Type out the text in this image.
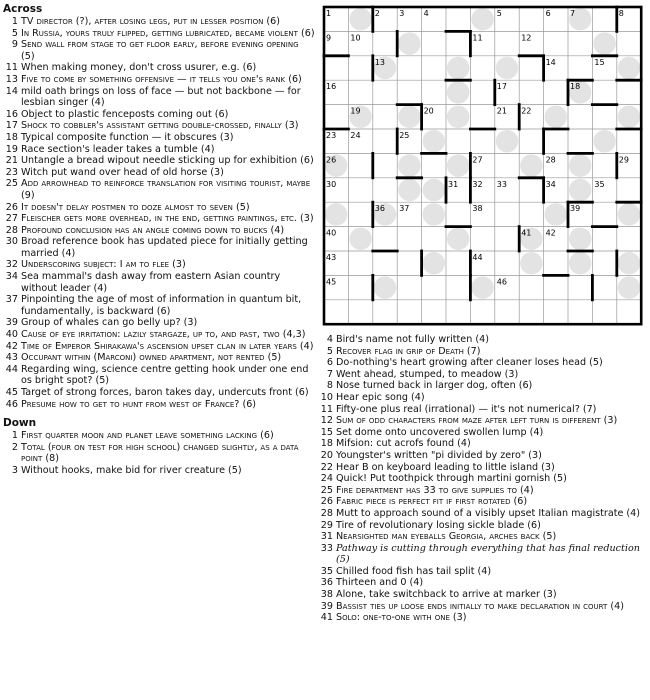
Across
1 TV director (?), after losing legs, put in lesser position (6)
5 In Russia, yours truly flipped, getting lubricated, became violent (6)
9 Send wall from stage to get floor early, before evening opening (5)
11 When making money, don't cross usurer, e.g. (6)
13 Five to come by something offensive — it tells you one's rank (6)
14 mild oath brings on loss of face — but not backbone — for lesbian singer (4)
16 Object to plastic fenceposts coming out (6)
17 Shock to cobbler's assistant getting double-crossed, finally (3)
18 Typical composite function — it obscures (3)
19 Race section's leader takes a tumble (4)
21 Untangle a bread wipout needle sticking up for exhibition (6)
23 Witch put wand over head of old horse (3)
25 Add arrowhead to reinforce translation for visiting tourist, maybe (9)
26 It doesn't delay postmen to doze almost to seven (5)
27 Fleischer gets more overhead, in the end, getting paintings, etc. (3)
28 Profound conclusion has an angle coming down to bucks (4)
30 Broad reference book has updated piece for initially getting married (4)
32 Underscoring subject: I am to flee (3)
34 Sea mammal's dash away from eastern Asian country without leader (4)
37 Pinpointing the age of most of information in quantum bit, fundamentally, is backward (6)
39 Group of whales can go belly up? (3)
40 Cause of eye irritation: lazily stargaze, up to, and past, two (4,3)
42 Time of Emperor Shirakawa's ascension upset clan in later years (4)
43 Occupant within (Marconi) owned apartment, not rented (5)
44 Regarding wing, science centre getting hook under one end os bright spot? (5)
45 Target of strong forces, baron takes day, undercuts front (6)
46 Presume how to get to hunt from west of France? (6)
Down
1 First quarter moon and planet leave something lacking (6)
2 Total (four on test for high school) changed slightly, as a data point (8)
3 Without hooks, make bid for river creature (5)
1	2 3 4	5	6 7	8
9 10	11	12
13	14	15
16	17	18
19	20	21 22
23 24	25
26	27	28	29
30	31 32 33	34	35
36 37	38	39
40	41 42
43	44
45	46
4 Bird's name not fully written (4)
5 Recover flag in grip of Death (7)
6 Do-nothing's heart growing after cleaner loses head (5)
7 Went ahead, stumped, to meadow (3)
8 Nose turned back in larger dog, often (6)
10 Hear epic song (4)
11 Fifty-one plus real (irrational) — it's not numerical? (7)
12 Sum of odd characters from maze after left turn is different (3)
15 Set dome onto uncovered swollen lump (4)
18 Mifsion: cut acrofs found (4)
20 Youngster's written "pi divided by zero" (3)
22 Hear B on keyboard leading to little island (3)
24 Quick! Put toothpick through martini gornish (5)
25 Fire department has 33 to give supplies to (4)
26 Fabric piece is perfect fit if first rotated (6)
28 Mutt to approach sound of a visibly upset Italian magistrate (4)
29 Tire of revolutionary losing sickle blade (6)
31 Nearsighted man eyeballs Georgia, arches back (5)
33 Pathway is cutting through everything that has final reduction (5)
35 Chilled food fish has tail split (4)
36 Thirteen and 0 (4)
38 Alone, take switchback to arrive at marker (3)
39 Bassist ties up loose ends initially to make declaration in court (4)
41 Solo: one-to-one with one (3)
